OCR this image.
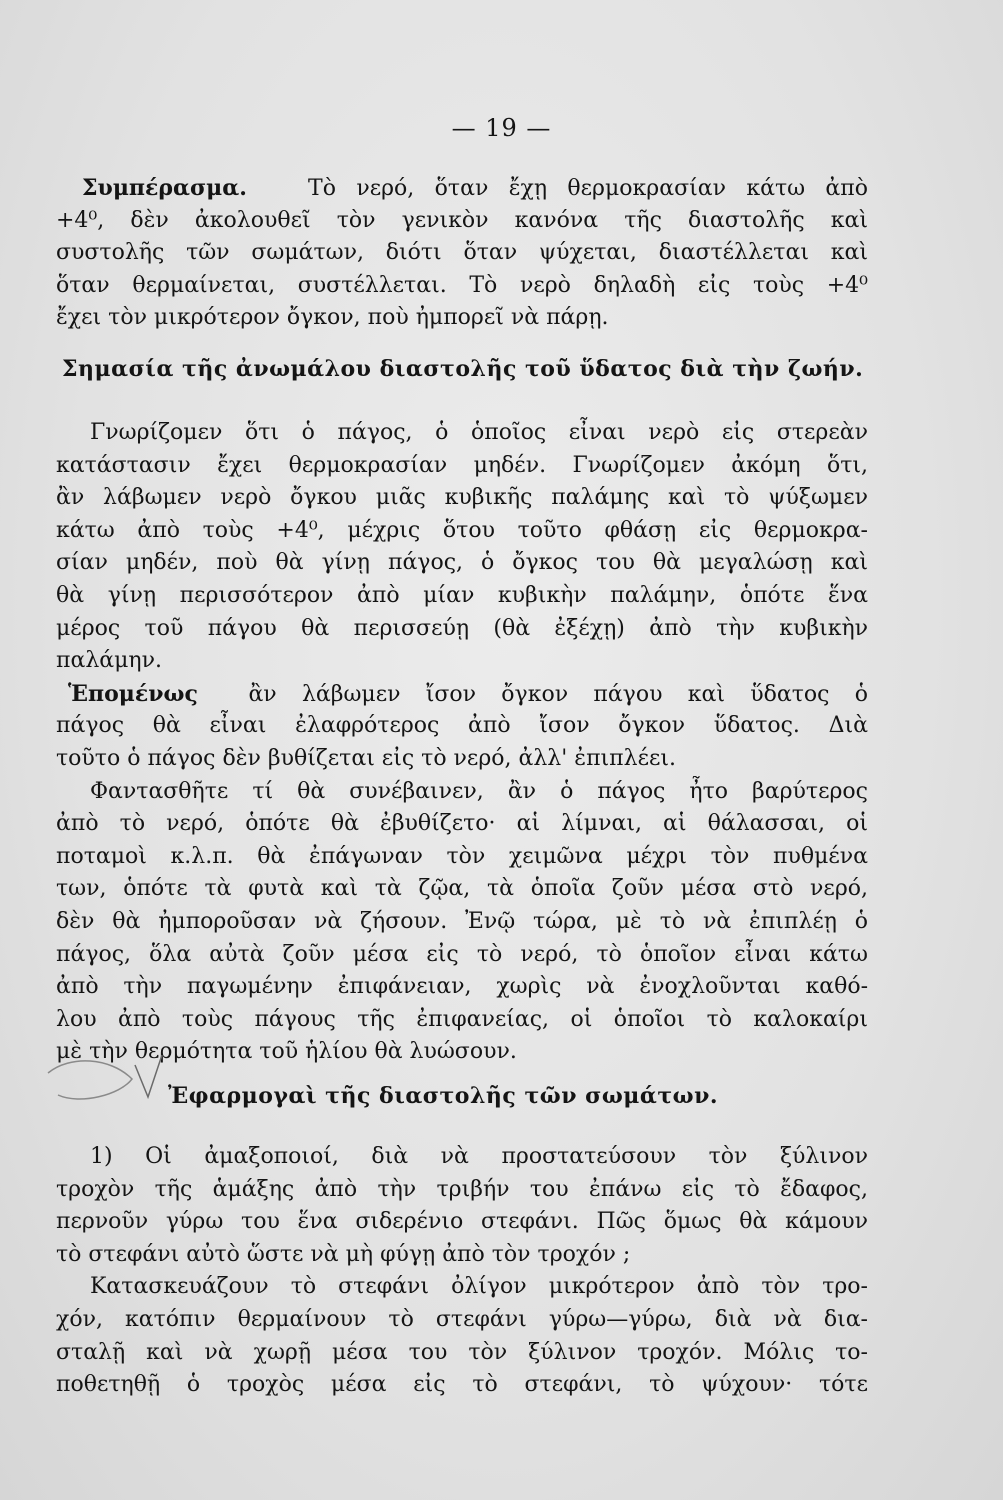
— 19 —
Συμπέρασμα.	Τὸ νερό, ὅταν ἔχῃ θερμοκρασίαν κάτω ἀπὸ
+4⁰, δὲν ἀκολουθεῖ τὸν γενικὸν κανόνα τῆς διαστολῆς καὶ
συστολῆς τῶν σωμάτων, διότι ὅταν ψύχεται, διαστέλλεται καὶ
ὅταν θερμαίνεται, συστέλλεται. Τὸ νερὸ δηλαδὴ εἰς τοὺς +4⁰
ἔχει τὸν μικρότερον ὄγκον, ποὺ ἠμπορεῖ νὰ πάρῃ.
Σημασία τῆς ἀνωμάλου διαστολῆς τοῦ ὕδατος διὰ τὴν ζωήν.
Γνωρίζομεν ὅτι ὁ πάγος, ὁ ὁποῖος εἶναι νερὸ εἰς στερεὰν
κατάστασιν ἔχει θερμοκρασίαν μηδέν. Γνωρίζομεν ἀκόμη ὅτι,
ἂν λάβωμεν νερὸ ὄγκου μιᾶς κυβικῆς παλάμης καὶ τὸ ψύξωμεν
κάτω ἀπὸ τοὺς +4⁰, μέχρις ὅτου τοῦτο φθάσῃ εἰς θερμοκρα-
σίαν μηδέν, ποὺ θὰ γίνῃ πάγος, ὁ ὄγκος του θὰ μεγαλώσῃ καὶ
θὰ γίνῃ περισσότερον ἀπὸ μίαν κυβικὴν παλάμην, ὁπότε ἕνα
μέρος τοῦ πάγου θὰ περισσεύῃ (θὰ ἐξέχῃ) ἀπὸ τὴν κυβικὴν
παλάμην.
Ἑπομένως ἂν λάβωμεν ἴσον ὄγκον πάγου καὶ ὕδατος ὁ
πάγος θὰ εἶναι ἐλαφρότερος ἀπὸ ἴσον ὄγκον ὕδατος. Διὰ
τοῦτο ὁ πάγος δὲν βυθίζεται εἰς τὸ νερό, ἀλλ' ἐπιπλέει.
Φαντασθῆτε τί θὰ συνέβαινεν, ἂν ὁ πάγος ἦτο βαρύτερος
ἀπὸ τὸ νερό, ὁπότε θὰ ἐβυθίζετο· αἱ λίμναι, αἱ θάλασσαι, οἱ
ποταμοὶ κ.λ.π. θὰ ἐπάγωναν τὸν χειμῶνα μέχρι τὸν πυθμένα
των, ὁπότε τὰ φυτὰ καὶ τὰ ζῷα, τὰ ὁποῖα ζοῦν μέσα στὸ νερό,
δὲν θὰ ἠμποροῦσαν νὰ ζήσουν. Ἐνῷ τώρα, μὲ τὸ νὰ ἐπιπλέῃ ὁ
πάγος, ὅλα αὐτὰ ζοῦν μέσα εἰς τὸ νερό, τὸ ὁποῖον εἶναι κάτω
ἀπὸ τὴν παγωμένην ἐπιφάνειαν, χωρὶς νὰ ἐνοχλοῦνται καθό-
λου ἀπὸ τοὺς πάγους τῆς ἐπιφανείας, οἱ ὁποῖοι τὸ καλοκαίρι
μὲ τὴν θερμότητα τοῦ ἡλίου θὰ λυώσουν.
Ἐφαρμογαὶ τῆς διαστολῆς τῶν σωμάτων.
1) Οἱ ἀμαξοποιοί, διὰ νὰ προστατεύσουν τὸν ξύλινον
τροχὸν τῆς ἁμάξης ἀπὸ τὴν τριβήν του ἐπάνω εἰς τὸ ἔδαφος,
περνοῦν γύρω του ἕνα σιδερένιο στεφάνι. Πῶς ὅμως θὰ κάμουν
τὸ στεφάνι αὐτὸ ὥστε νὰ μὴ φύγῃ ἀπὸ τὸν τροχόν ;
Κατασκευάζουν τὸ στεφάνι ὀλίγον μικρότερον ἀπὸ τὸν τρο-
χόν, κατόπιν θερμαίνουν τὸ στεφάνι γύρω—γύρω, διὰ νὰ δια-
σταλῇ καὶ νὰ χωρῇ μέσα του τὸν ξύλινον τροχόν. Μόλις το-
ποθετηθῇ ὁ τροχὸς μέσα εἰς τὸ στεφάνι, τὸ ψύχουν· τότε
